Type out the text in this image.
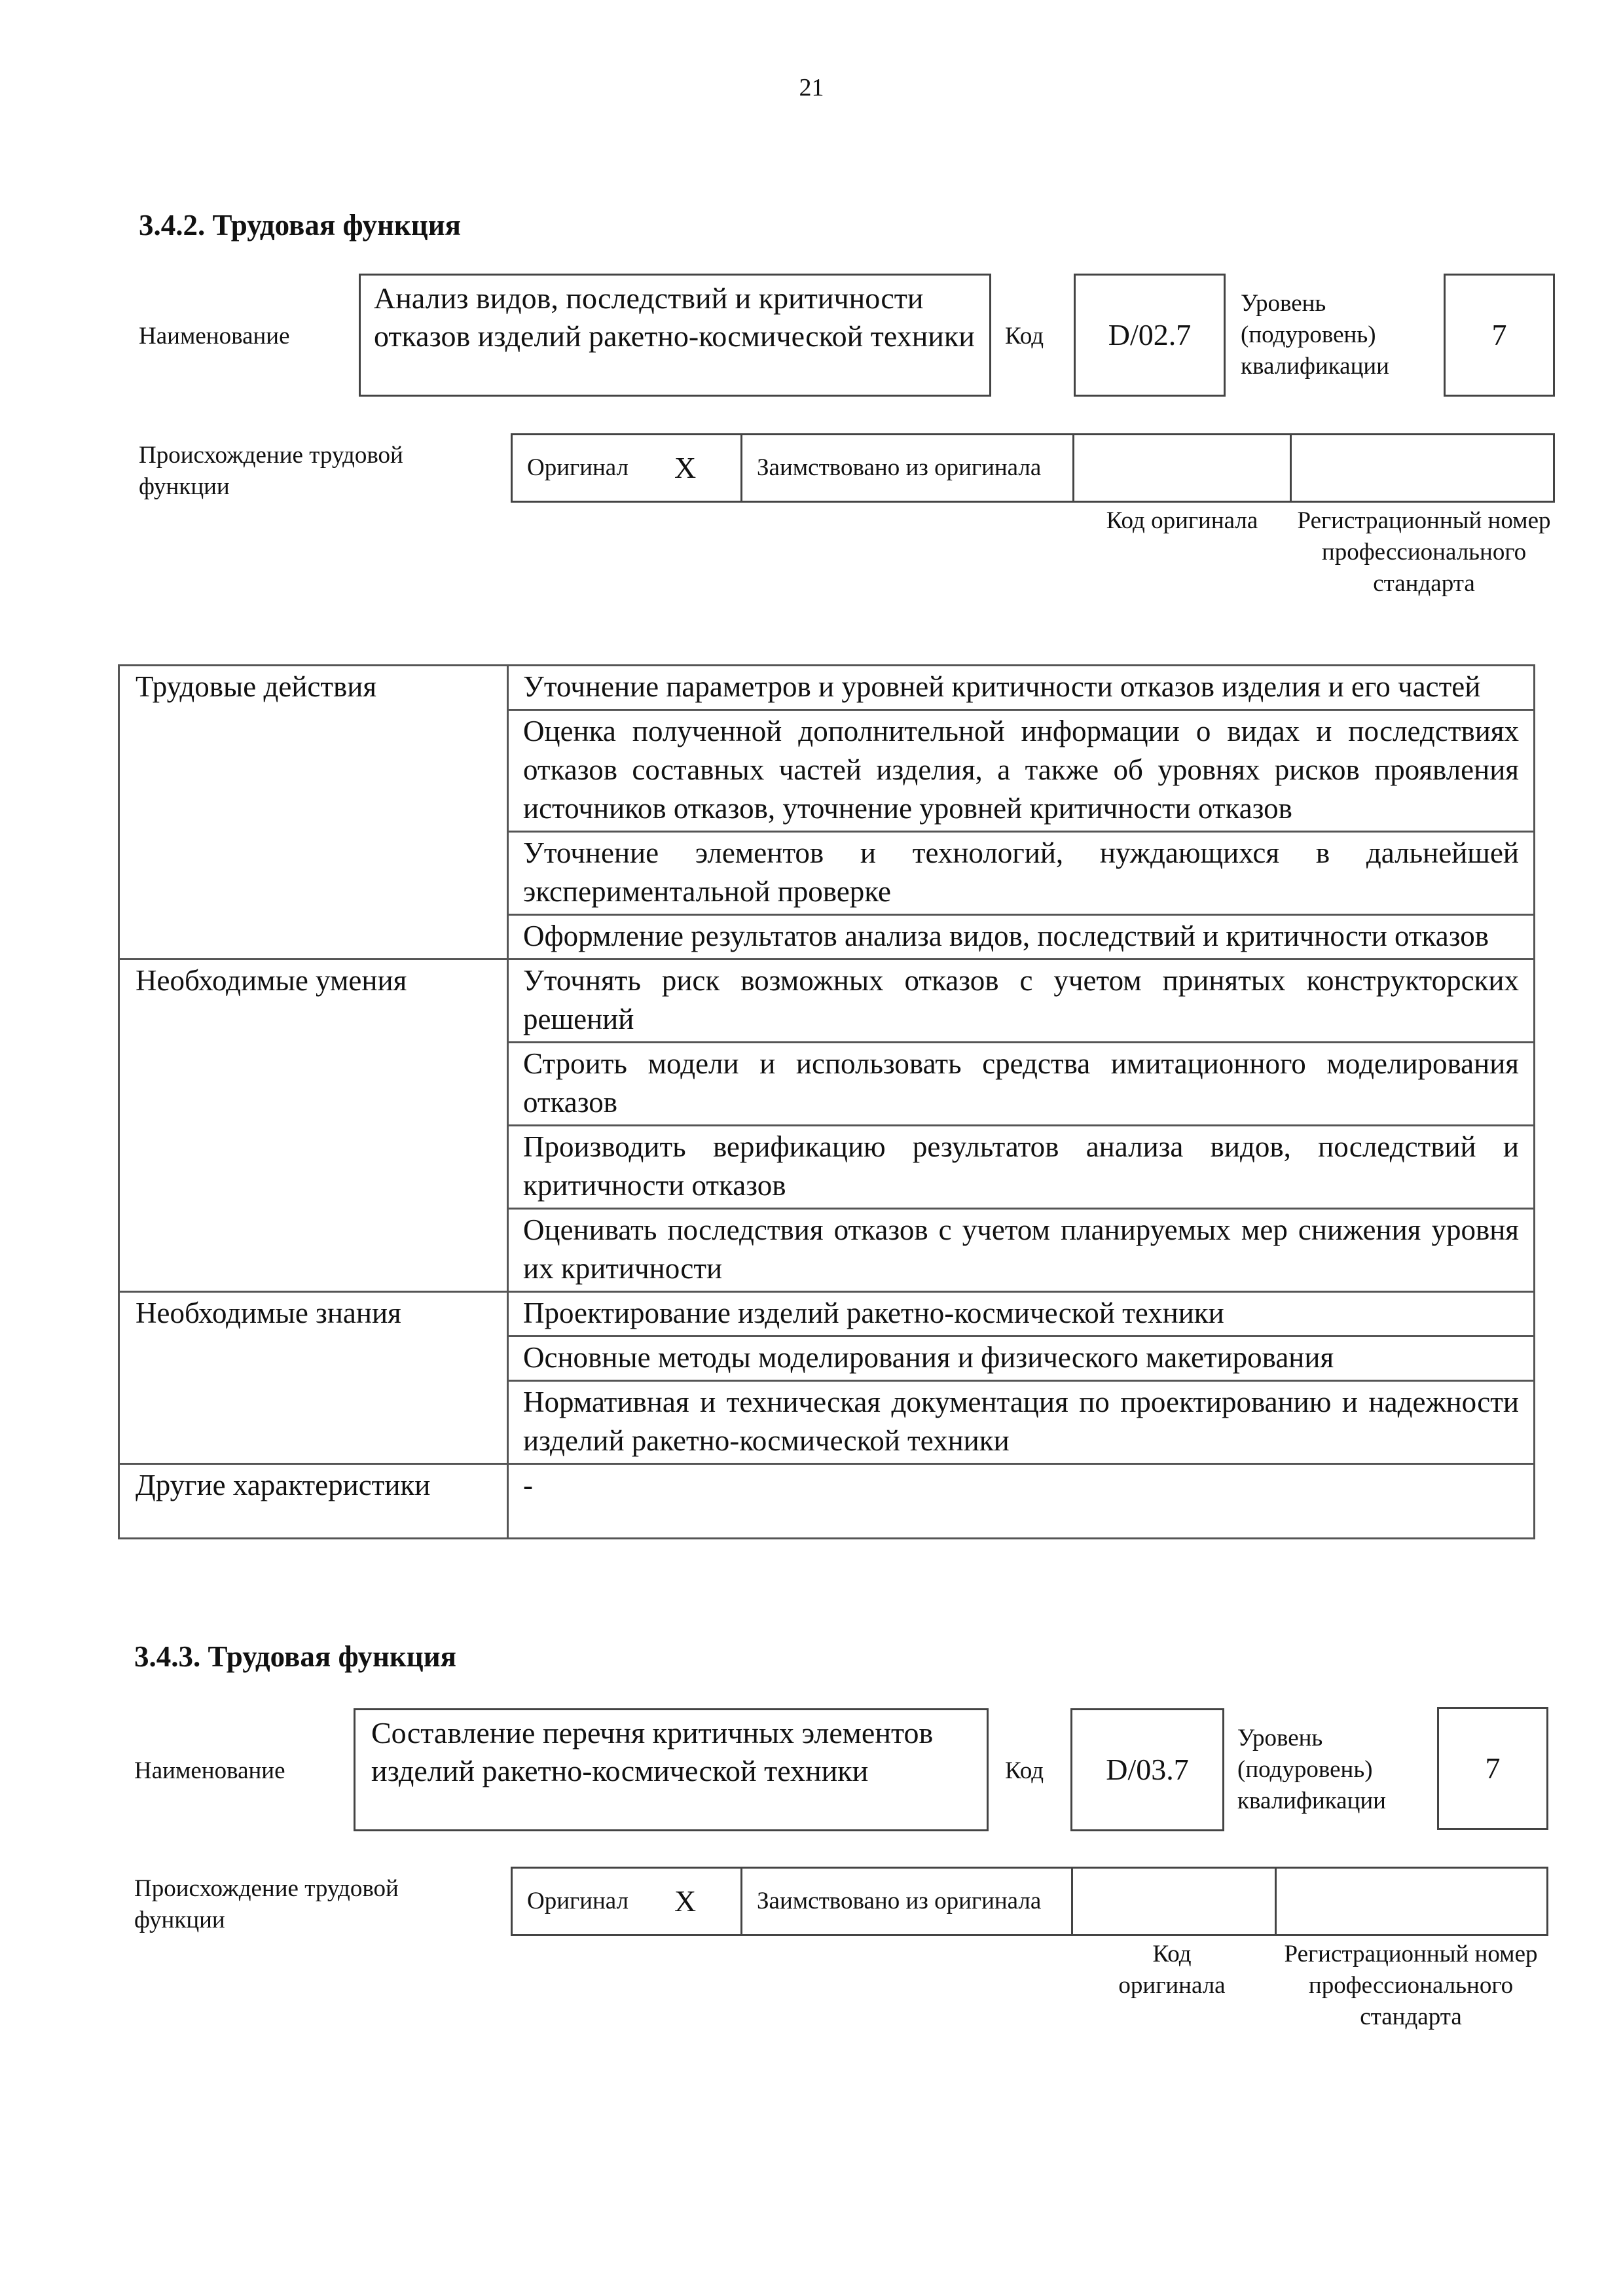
21
3.4.2. Трудовая функция
Наименование
Анализ видов, последствий и критичности отказов изделий ракетно-космической техники	Код D/02.7
Уровень (подуровень) квалификации
7
Происхождение трудовой функции
Оригинал X	Заимствовано из оригинала
Код оригинала	Регистрационный номер профессионального стандарта
Трудовые действия	Уточнение параметров и уровней критичности отказов изделия и его частей
	Оценка полученной дополнительной информации о видах и последствиях отказов составных частей изделия, а также об уровнях рисков проявления источников отказов, уточнение уровней критичности отказов
	Уточнение элементов и технологий, нуждающихся в дальнейшей экспериментальной проверке
	Оформление результатов анализа видов, последствий и критичности отказов
Необходимые умения	Уточнять риск возможных отказов с учетом принятых конструкторских решений
	Строить модели и использовать средства имитационного моделирования отказов
	Производить верификацию результатов анализа видов, последствий и критичности отказов
	Оценивать последствия отказов с учетом планируемых мер снижения уровня их критичности
Необходимые знания	Проектирование изделий ракетно-космической техники
	Основные методы моделирования и физического макетирования
	Нормативная и техническая документация по проектированию и надежности изделий ракетно-космической техники
Другие характеристики	-
3.4.3. Трудовая функция
Наименование
Составление перечня критичных элементов изделий ракетно-космической техники	Код D/03.7
Уровень (подуровень) квалификации
7
Происхождение трудовой функции
Оригинал X	Заимствовано из оригинала
Код оригинала
Регистрационный номер профессионального стандарта
